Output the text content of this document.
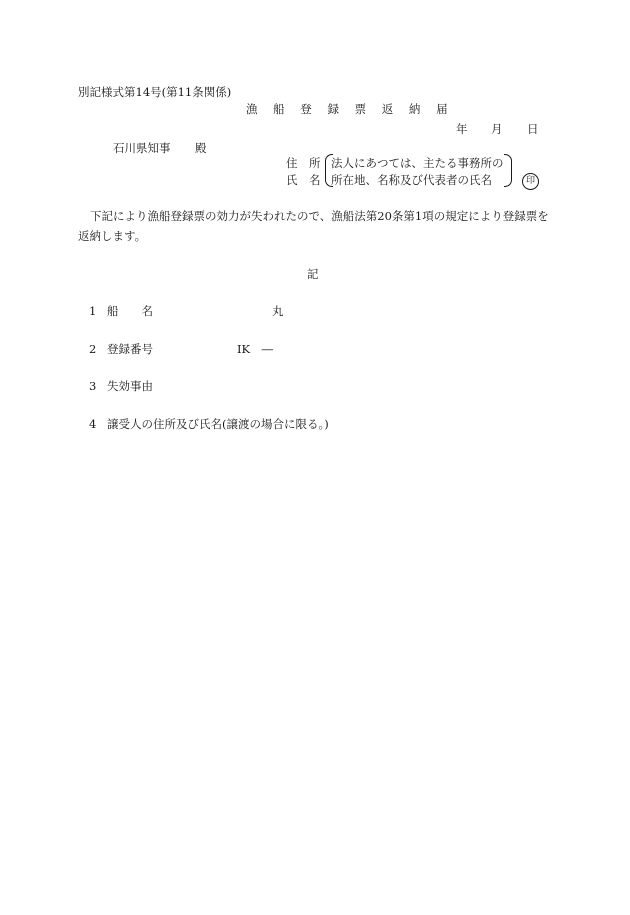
別記様式第14号(第11条関係)
漁 船 登 録 票 返 納 届
年 月 日
石川県知事 殿
住　所
氏　名
法人にあつては、主たる事務所の
所在地、名称及び代表者の氏名	印
下記により漁船登録票の効力が失われたので、漁船法第20条第1項の規定により登録票を
返納します。
記
1 船　　名	丸
2 登録番号	IK　―
3 失効事由
4 譲受人の住所及び氏名(譲渡の場合に限る。)
